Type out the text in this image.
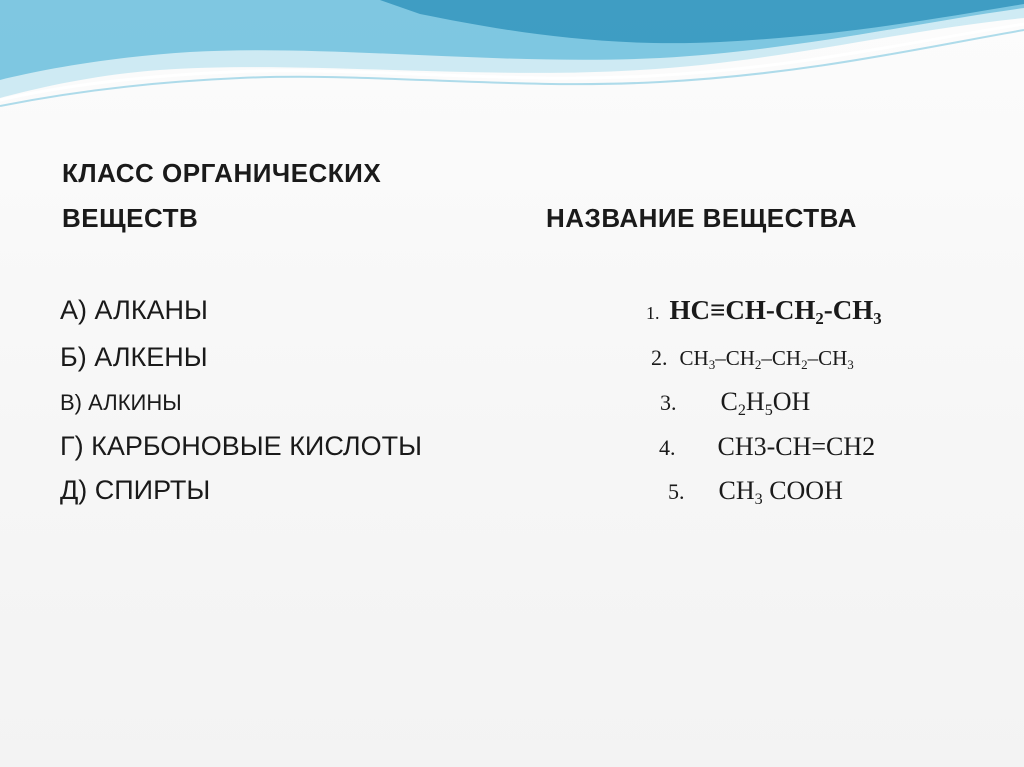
КЛАСС ОРГАНИЧЕСКИХ
ВЕЩЕСТВ	НАЗВАНИЕ ВЕЩЕСТВА
А) АЛКАНЫ
Б) АЛКЕНЫ
В) АЛКИНЫ
Г) КАРБОНОВЫЕ КИСЛОТЫ
Д) СПИРТЫ
1. $HC\equiv CH-CH_2-CH_3$
2. $CH_3-CH_2-CH_2-CH_3$
3. $C_2H_5OH$
4. CH3-CH=CH2
5. $CH_3$ COOH
